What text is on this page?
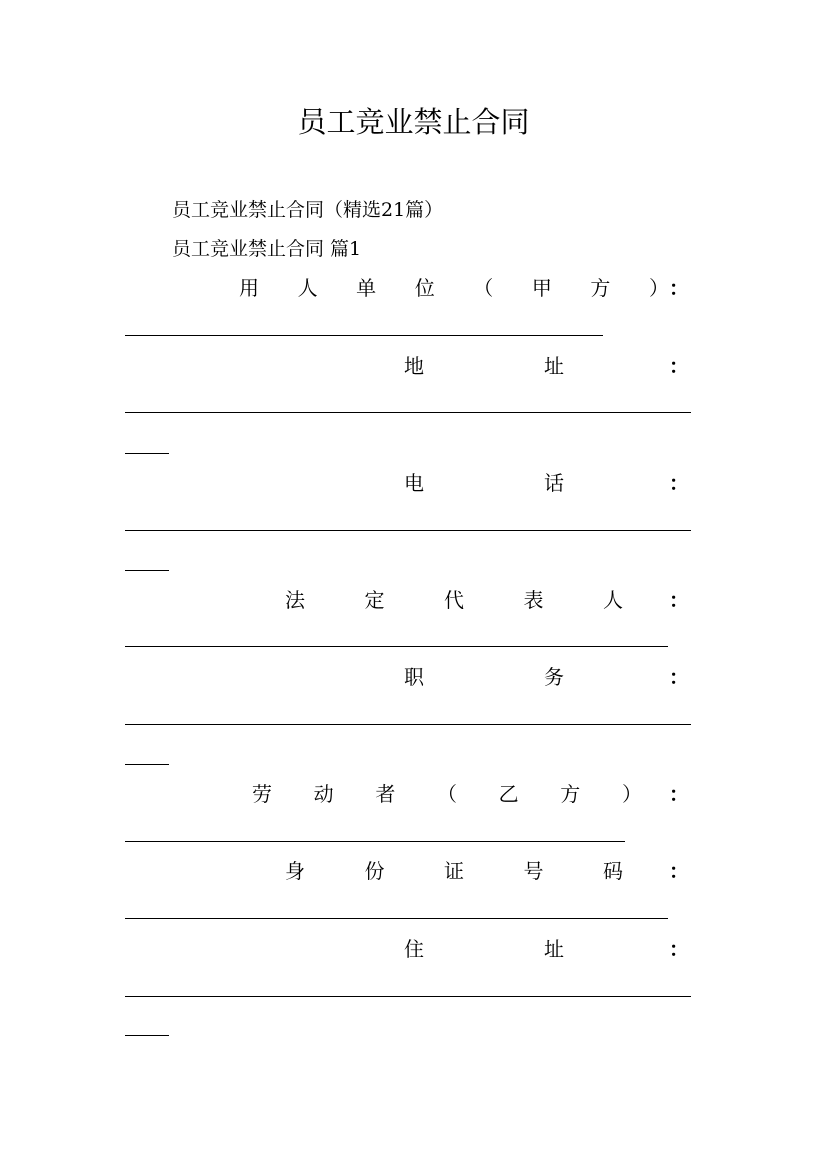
员工竞业禁止合同
员工竞业禁止合同（精选21篇）
员工竞业禁止合同 篇1
用 人 单 位 （ 甲 方 ） ：
地	址	：
电	话	：
法	定	代	表	人 ：
职	务	：
劳 动 者 （ 乙 方 ） ：
身	份	证	号	码 ：
住	址	：
